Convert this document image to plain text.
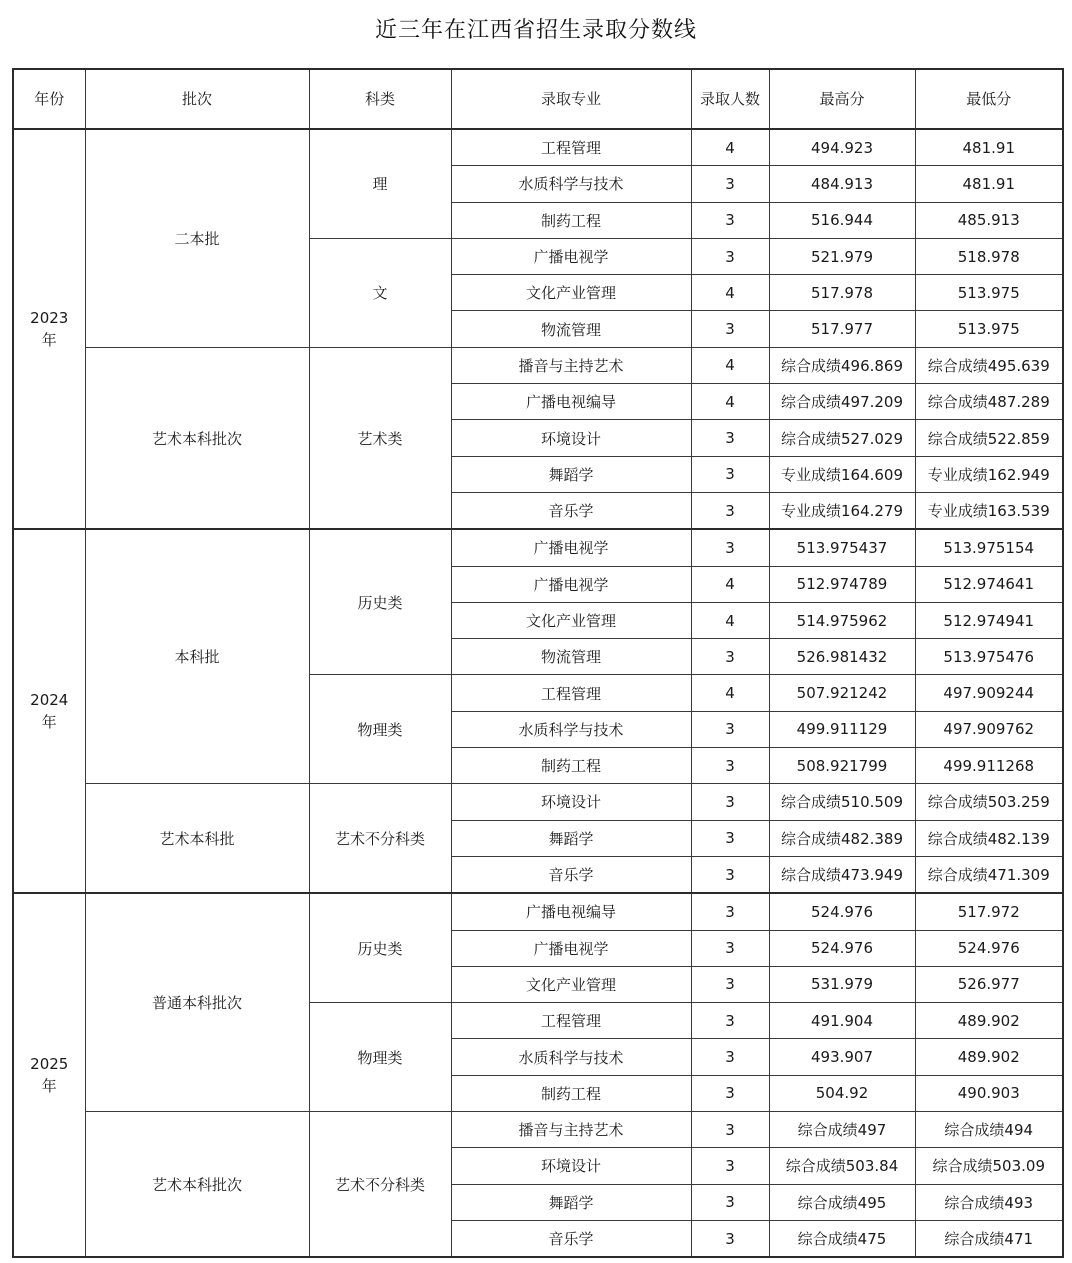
近三年在江西省招生录取分数线
年份	批次	科类	录取专业	录取人数	最高分	最低分

2023
年	二本批	理	工程管理	4	494.923	481.91
			水质科学与技术	3	484.913	481.91
			制药工程	3	516.944	485.913
		文	广播电视学	3	521.979	518.978
			文化产业管理	4	517.978	513.975
			物流管理	3	517.977	513.975
	艺术本科批次	艺术类	播音与主持艺术	4	综合成绩496.869	综合成绩495.639
			广播电视编导	4	综合成绩497.209	综合成绩487.289
			环境设计	3	综合成绩527.029	综合成绩522.859
			舞蹈学	3	专业成绩164.609	专业成绩162.949
			音乐学	3	专业成绩164.279	专业成绩163.539

2024
年	本科批	历史类	广播电视学	3	513.975437	513.975154
			广播电视学	4	512.974789	512.974641
			文化产业管理	4	514.975962	512.974941
			物流管理	3	526.981432	513.975476
		物理类	工程管理	4	507.921242	497.909244
			水质科学与技术	3	499.911129	497.909762
			制药工程	3	508.921799	499.911268
	艺术本科批	艺术不分科类	环境设计	3	综合成绩510.509	综合成绩503.259
			舞蹈学	3	综合成绩482.389	综合成绩482.139
			音乐学	3	综合成绩473.949	综合成绩471.309

2025
年	普通本科批次	历史类	广播电视编导	3	524.976	517.972
			广播电视学	3	524.976	524.976
			文化产业管理	3	531.979	526.977
		物理类	工程管理	3	491.904	489.902
			水质科学与技术	3	493.907	489.902
			制药工程	3	504.92	490.903
	艺术本科批次	艺术不分科类	播音与主持艺术	3	综合成绩497	综合成绩494
			环境设计	3	综合成绩503.84	综合成绩503.09
			舞蹈学	3	综合成绩495	综合成绩493
			音乐学	3	综合成绩475	综合成绩471
